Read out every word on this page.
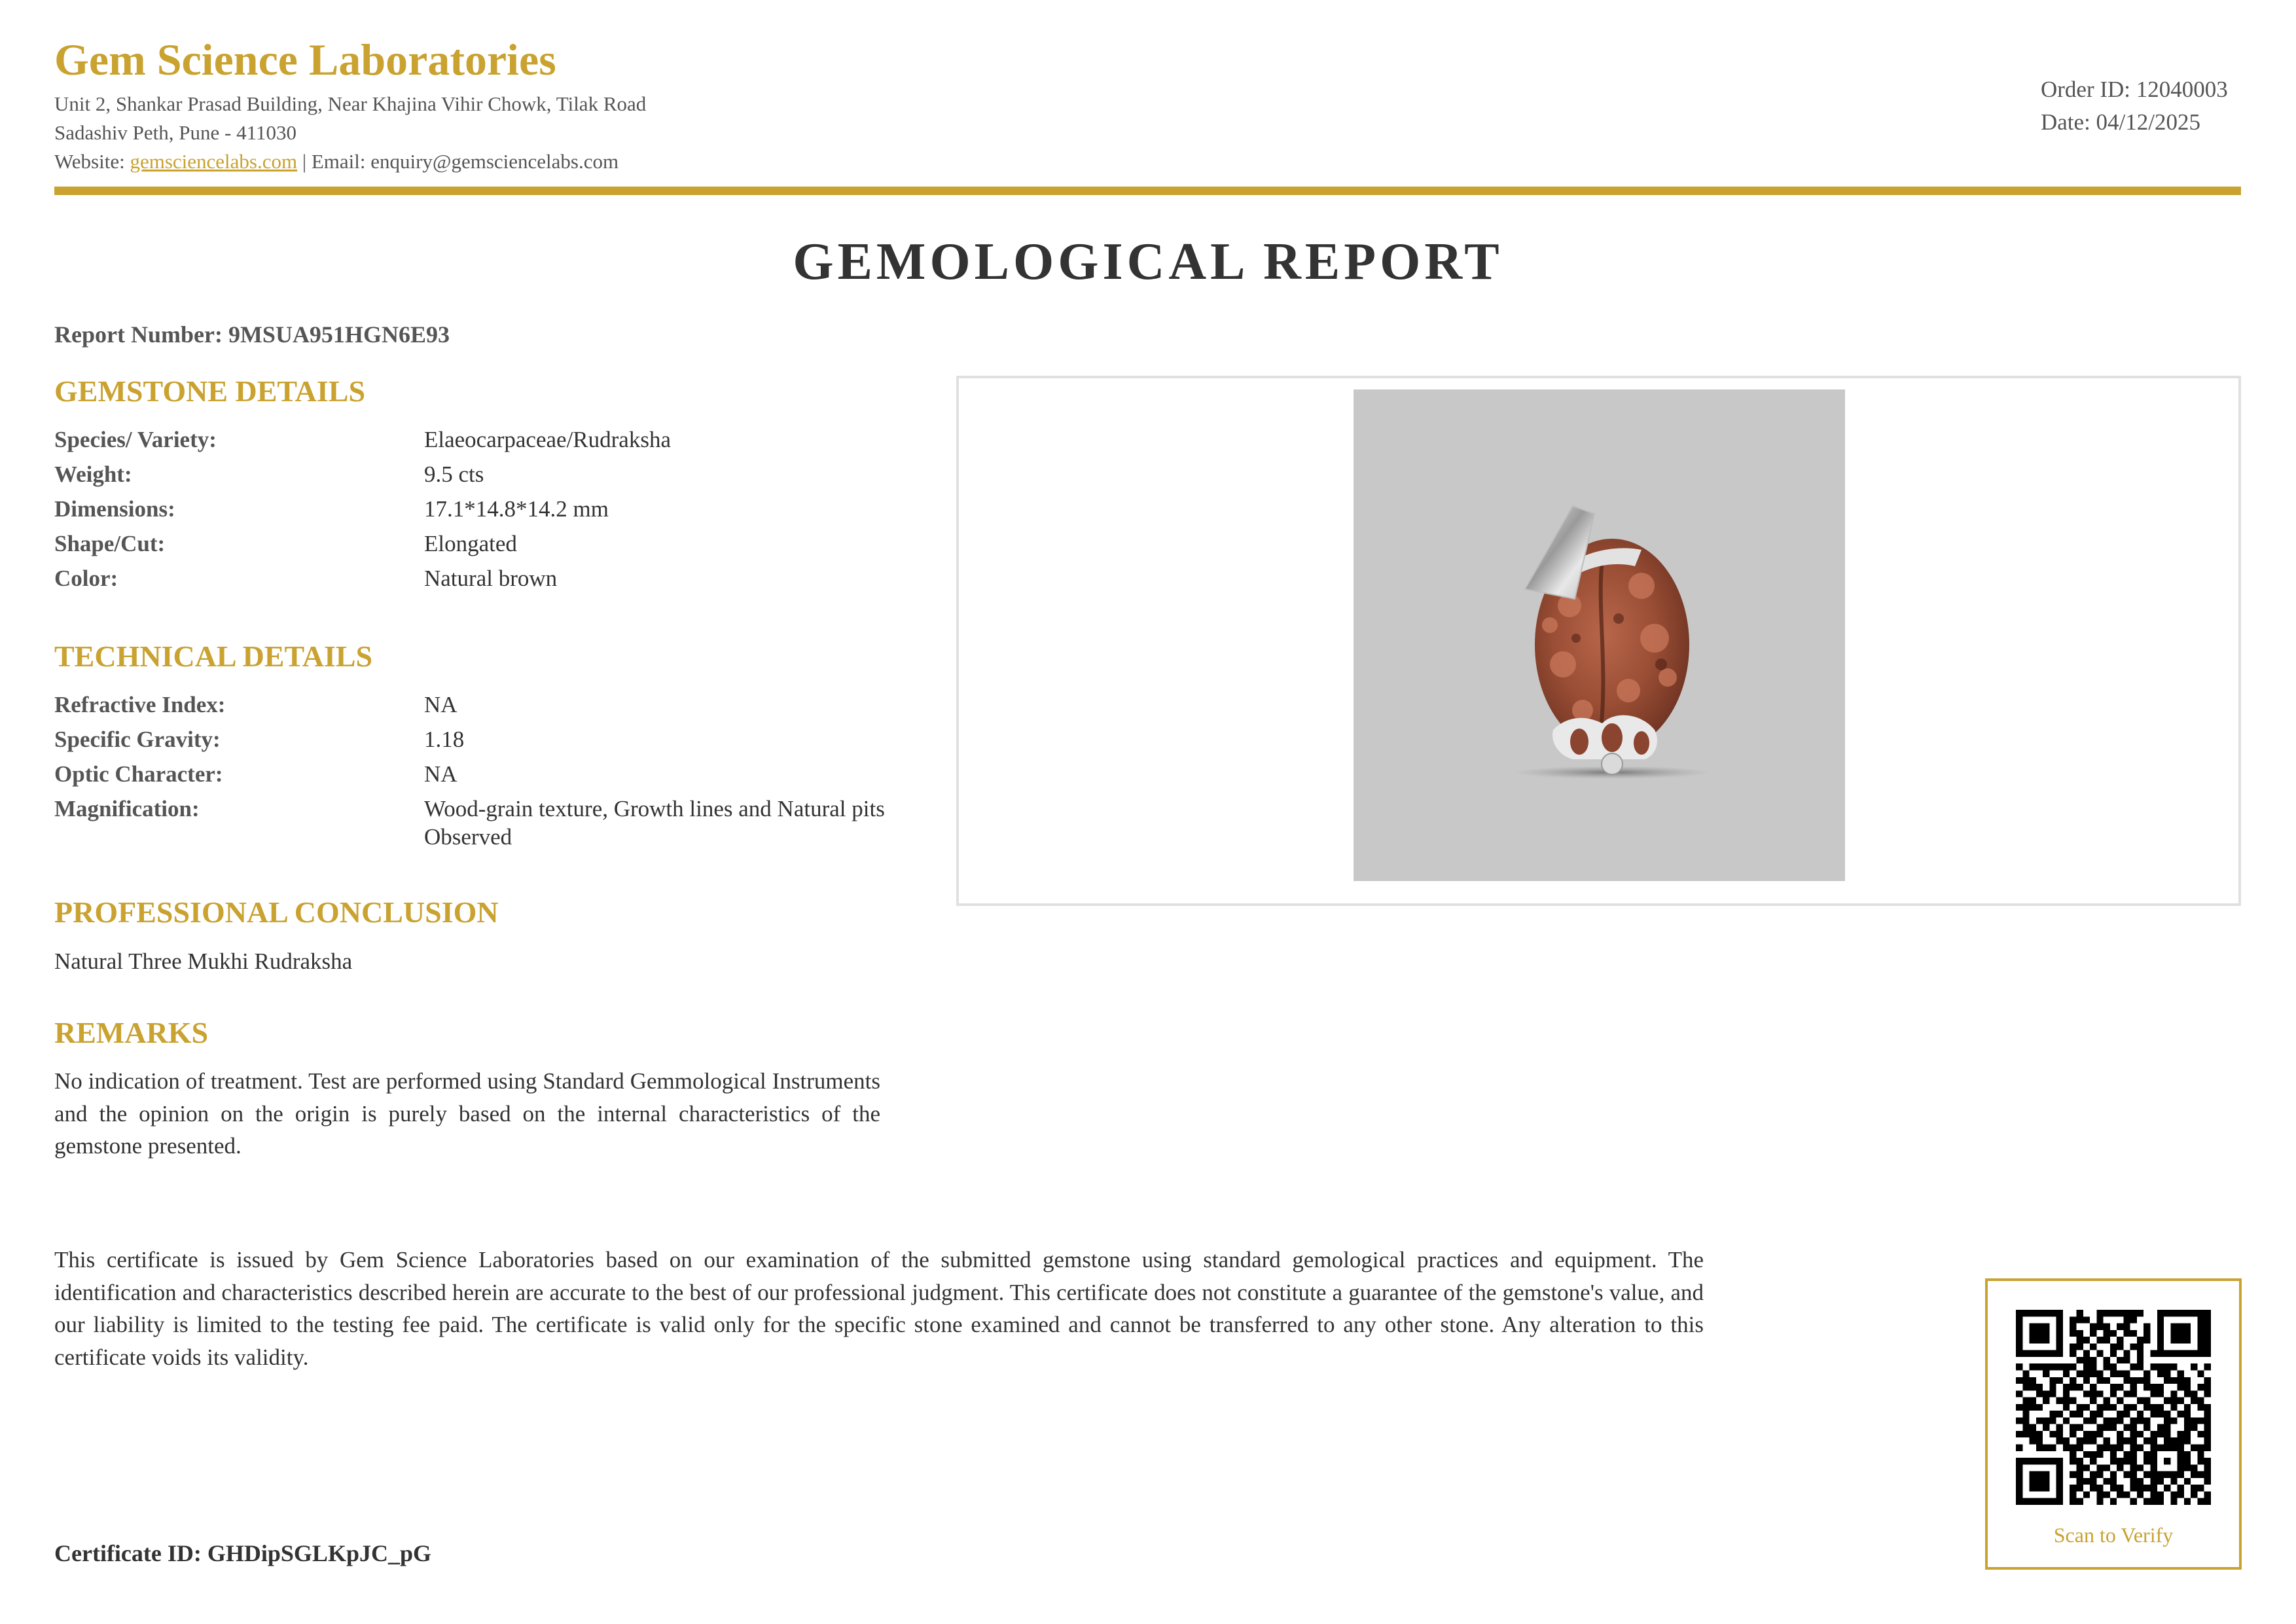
Gem Science Laboratories
Unit 2, Shankar Prasad Building, Near Khajina Vihir Chowk, Tilak Road
Sadashiv Peth, Pune - 411030
Website: gemsciencelabs.com | Email: enquiry@gemsciencelabs.com
Order ID: 12040003
Date: 04/12/2025
GEMOLOGICAL REPORT
Report Number: 9MSUA951HGN6E93
GEMSTONE DETAILS
Species/ Variety:	Elaeocarpaceae/Rudraksha
Weight:	9.5 cts
Dimensions:	17.1*14.8*14.2 mm
Shape/Cut:	Elongated
Color:	Natural brown
TECHNICAL DETAILS
Refractive Index:	NA
Specific Gravity:	1.18
Optic Character:	NA
Magnification:	Wood-grain texture, Growth lines and Natural pits Observed
PROFESSIONAL CONCLUSION
Natural Three Mukhi Rudraksha
REMARKS
No indication of treatment. Test are performed using Standard Gemmological Instruments and the opinion on the origin is purely based on the internal characteristics of the gemstone presented.
This certificate is issued by Gem Science Laboratories based on our examination of the submitted gemstone using standard gemological practices and equipment. The identification and characteristics described herein are accurate to the best of our professional judgment. This certificate does not constitute a guarantee of the gemstone's value, and our liability is limited to the testing fee paid. The certificate is valid only for the specific stone examined and cannot be transferred to any other stone. Any alteration to this certificate voids its validity.
Certificate ID: GHDipSGLKpJC_pG
Scan to Verify
